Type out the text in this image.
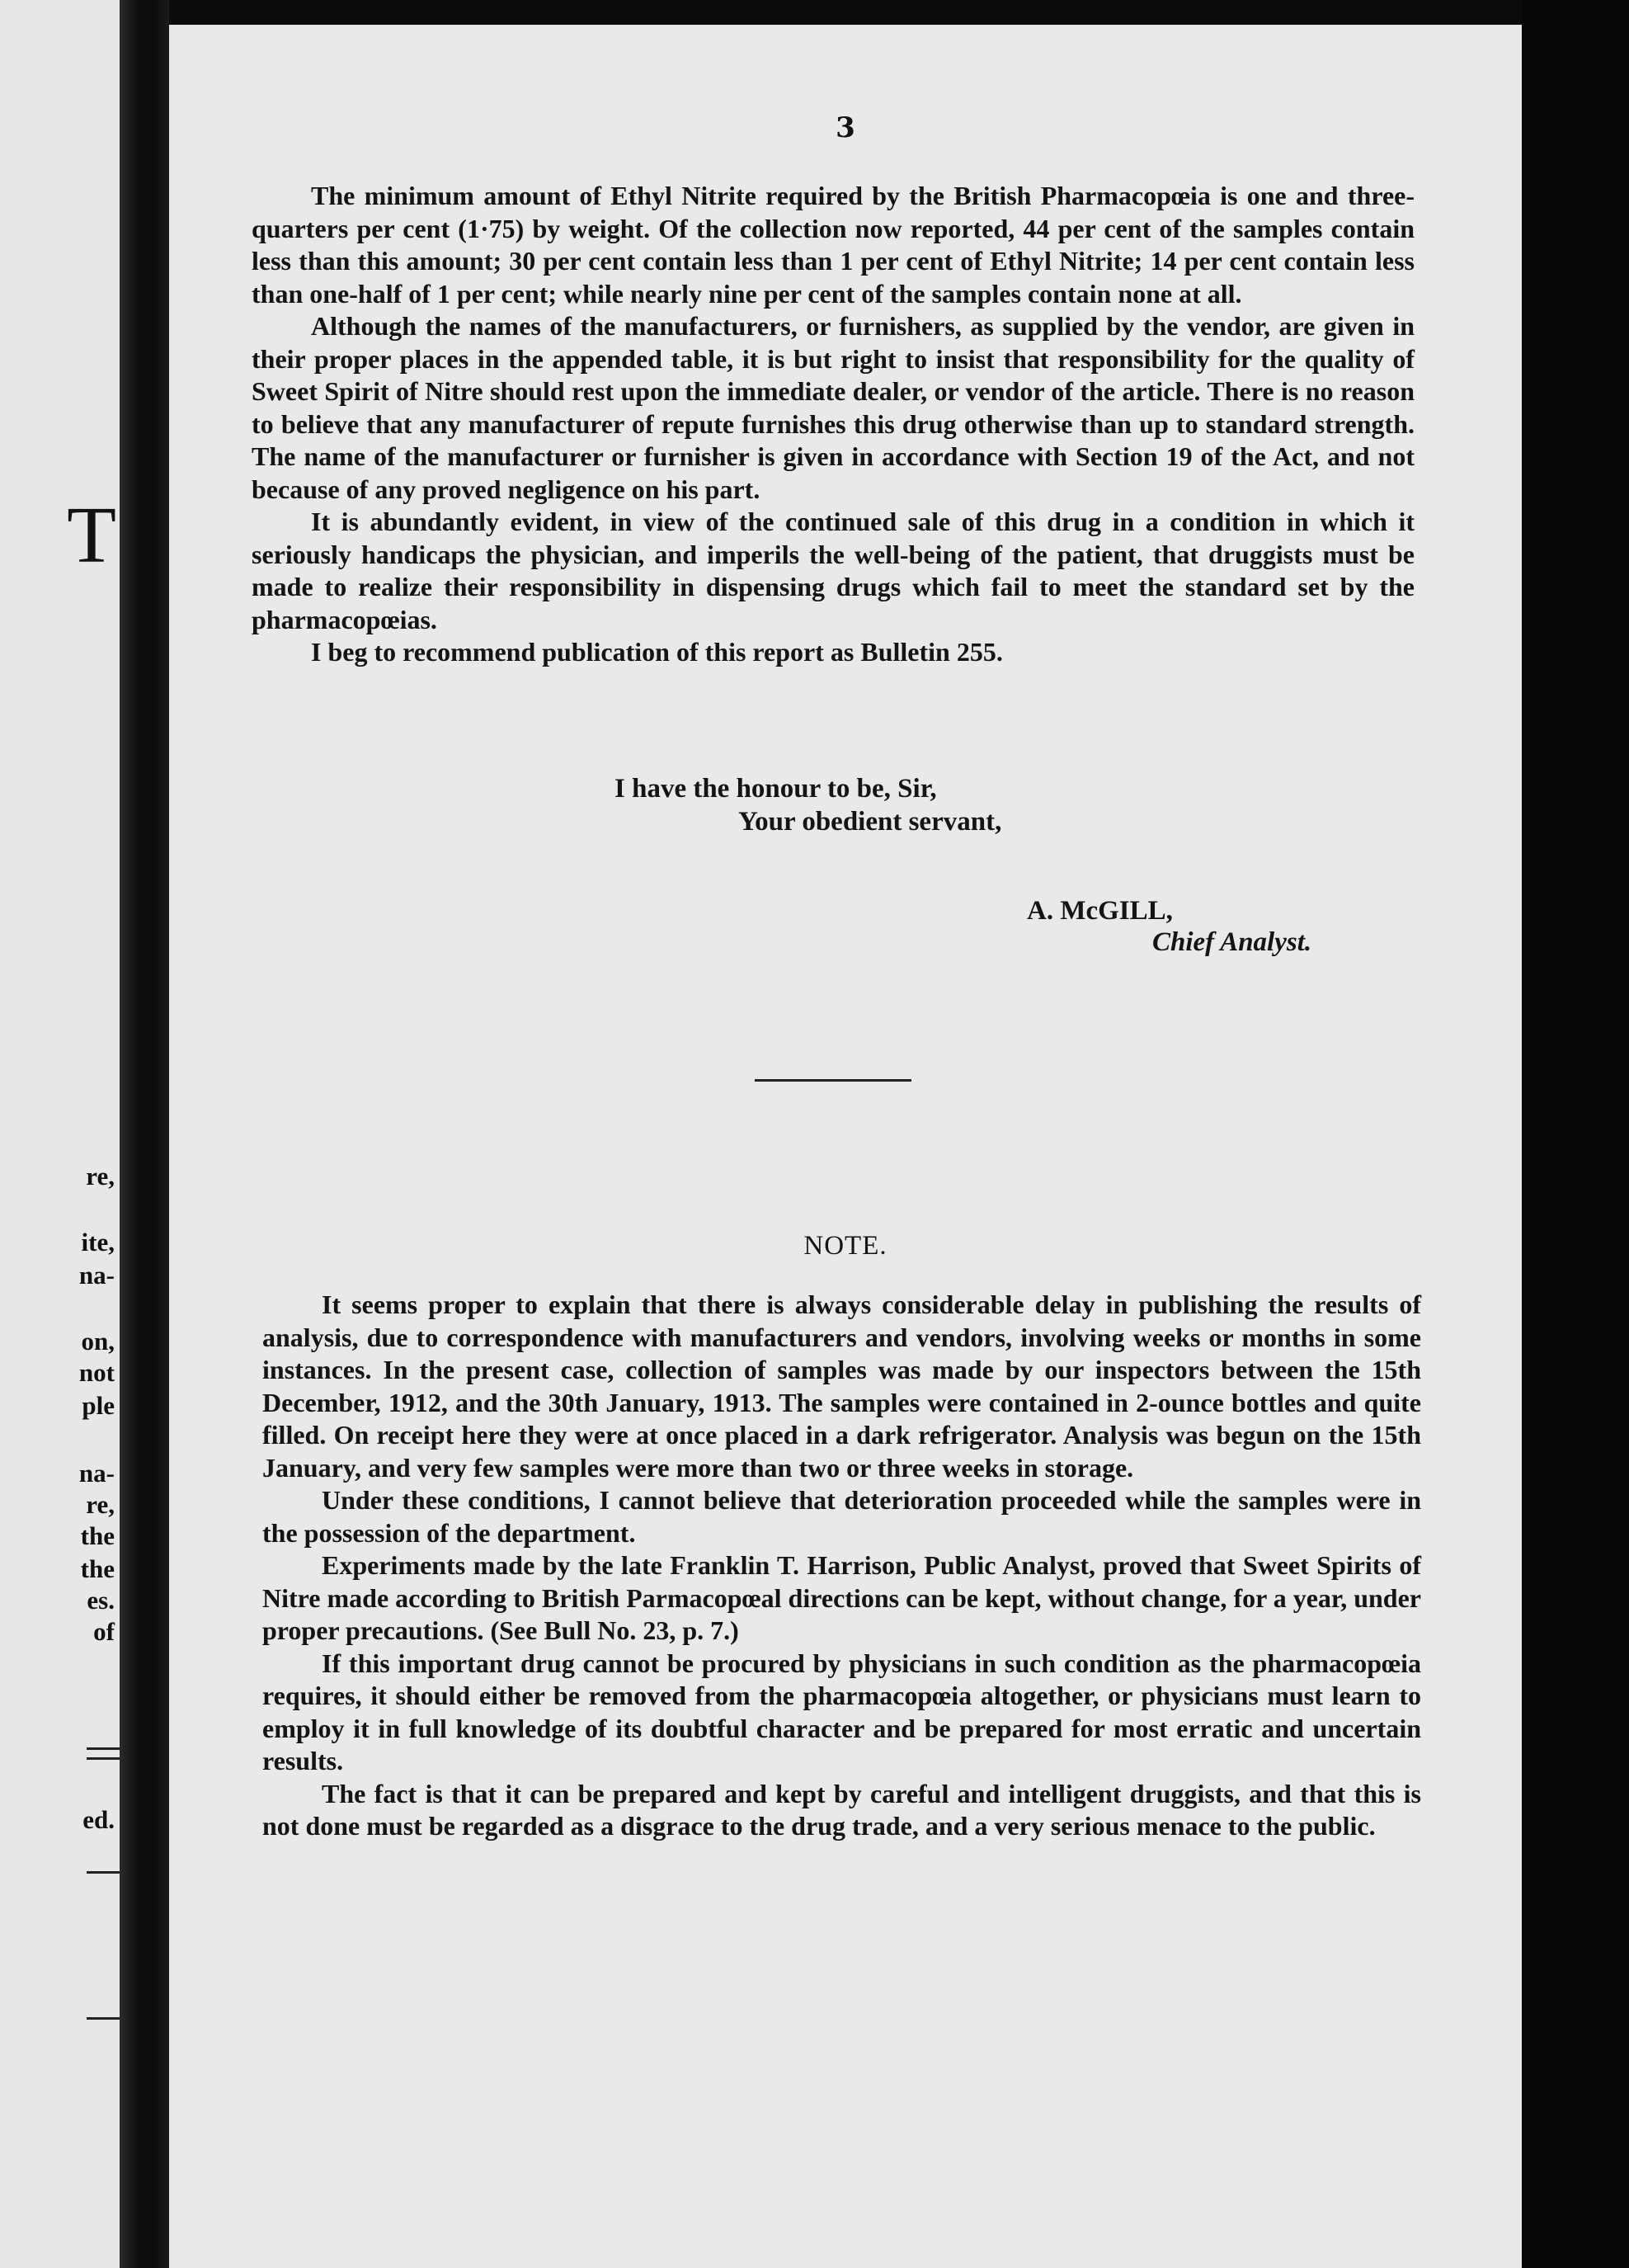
T
re,
ite,
na-
on,
not
ple
na-
re,
the
the
es.
of
ed.
3

The minimum amount of Ethyl Nitrite required by the British Pharmacopœia is one and three-quarters per cent (1·75) by weight. Of the collection now reported, 44 per cent of the samples contain less than this amount; 30 per cent contain less than 1 per cent of Ethyl Nitrite; 14 per cent contain less than one-half of 1 per cent; while nearly nine per cent of the samples contain none at all.

Although the names of the manufacturers, or furnishers, as supplied by the vendor, are given in their proper places in the appended table, it is but right to insist that responsibility for the quality of Sweet Spirit of Nitre should rest upon the immediate dealer, or vendor of the article. There is no reason to believe that any manufacturer of repute furnishes this drug otherwise than up to standard strength. The name of the manufacturer or furnisher is given in accordance with Section 19 of the Act, and not because of any proved negligence on his part.

It is abundantly evident, in view of the continued sale of this drug in a condition in which it seriously handicaps the physician, and imperils the well-being of the patient, that druggists must be made to realize their responsibility in dispensing drugs which fail to meet the standard set by the pharmacopœias.

I beg to recommend publication of this report as Bulletin 255.

I have the honour to be, Sir,
Your obedient servant,
A. McGILL,
Chief Analyst.
NOTE.

It seems proper to explain that there is always considerable delay in publishing the results of analysis, due to correspondence with manufacturers and vendors, involving weeks or months in some instances. In the present case, collection of samples was made by our inspectors between the 15th December, 1912, and the 30th January, 1913. The samples were contained in 2-ounce bottles and quite filled. On receipt here they were at once placed in a dark refrigerator. Analysis was begun on the 15th January, and very few samples were more than two or three weeks in storage.

Under these conditions, I cannot believe that deterioration proceeded while the samples were in the possession of the department.

Experiments made by the late Franklin T. Harrison, Public Analyst, proved that Sweet Spirits of Nitre made according to British Parmacopœal directions can be kept, without change, for a year, under proper precautions. (See Bull No. 23, p. 7.)

If this important drug cannot be procured by physicians in such condition as the pharmacopœia requires, it should either be removed from the pharmacopœia altogether, or physicians must learn to employ it in full knowledge of its doubtful character and be prepared for most erratic and uncertain results.

The fact is that it can be prepared and kept by careful and intelligent druggists, and that this is not done must be regarded as a disgrace to the drug trade, and a very serious menace to the public.
